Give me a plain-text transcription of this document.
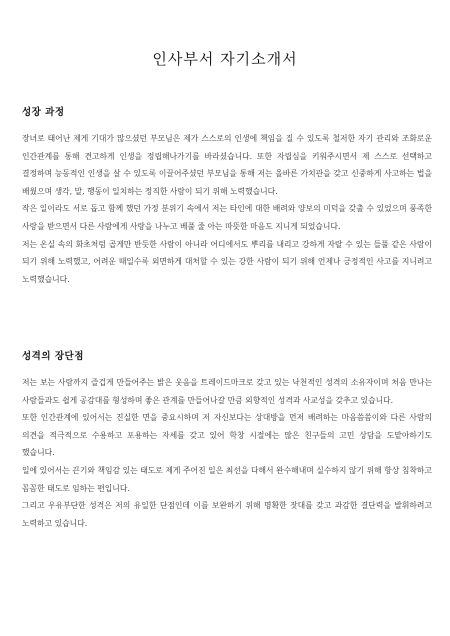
인사부서 자기소개서
성장 과정

장녀로 태어난 제게 기대가 많으셨던 부모님은 제가 스스로의 인생에 책임을 질 수 있도록 철저한 자기 관리와 조화로운 인간관계를 통해 견고하게 인생을 정립해나가기를 바라셨습니다. 또한 자립심을 키워주시면서 제 스스로 선택하고 결정하며 능동적인 인생을 살 수 있도록 이끌어주셨던 부모님을 통해 저는 올바른 가치관을 갖고 신중하게 사고하는 법을 배웠으며 생각, 말, 행동이 일치하는 정직한 사람이 되기 위해 노력했습니다.

작은 일이라도 서로 돕고 함께 했던 가정 분위기 속에서 저는 타인에 대한 배려와 양보의 미덕을 갖출 수 있었으며 풍족한 사랑을 받으면서 다른 사람에게 사랑을 나누고 베풀 줄 아는 따뜻한 마음도 지니게 되었습니다.

저는 온실 속의 화초처럼 곱게만 반듯한 사람이 아니라 어디에서도 뿌리를 내리고 강하게 자랄 수 있는 들풀 같은 사람이 되기 위해 노력했고, 어려운 때일수록 외면하게 대처할 수 있는 강한 사람이 되기 위해 언제나 긍정적인 사고를 지니려고 노력했습니다.

성격의 장단점

저는 보는 사람까지 즐겁게 만들어주는 밝은 웃음을 트레이드마크로 갖고 있는 낙천적인 성격의 소유자이며 처음 만나는 사람들과도 쉽게 공감대를 형성하며 좋은 관계를 만들어나갈 만큼 외향적인 성격과 사교성을 갖추고 있습니다.

또한 인간관계에 있어서는 진실한 면을 중요시하며 저 자신보다는 상대방을 먼저 배려하는 마음씀씀이와 다른 사람의 의견을 적극적으로 수용하고 포용하는 자세를 갖고 있어 학창 시절에는 많은 친구들의 고민 상담을 도맡아하기도 했습니다.

일에 있어서는 끈기와 책임감 있는 태도로 제게 주어진 일은 최선을 다해서 완수해내며 실수하지 않기 위해 항상 침착하고 꼼꼼한 태도로 임하는 편입니다.

그리고 우유부단한 성격은 저의 유일한 단점인데 이를 보완하기 위해 명확한 잣대를 갖고 과감한 결단력을 발휘하려고 노력하고 있습니다.
